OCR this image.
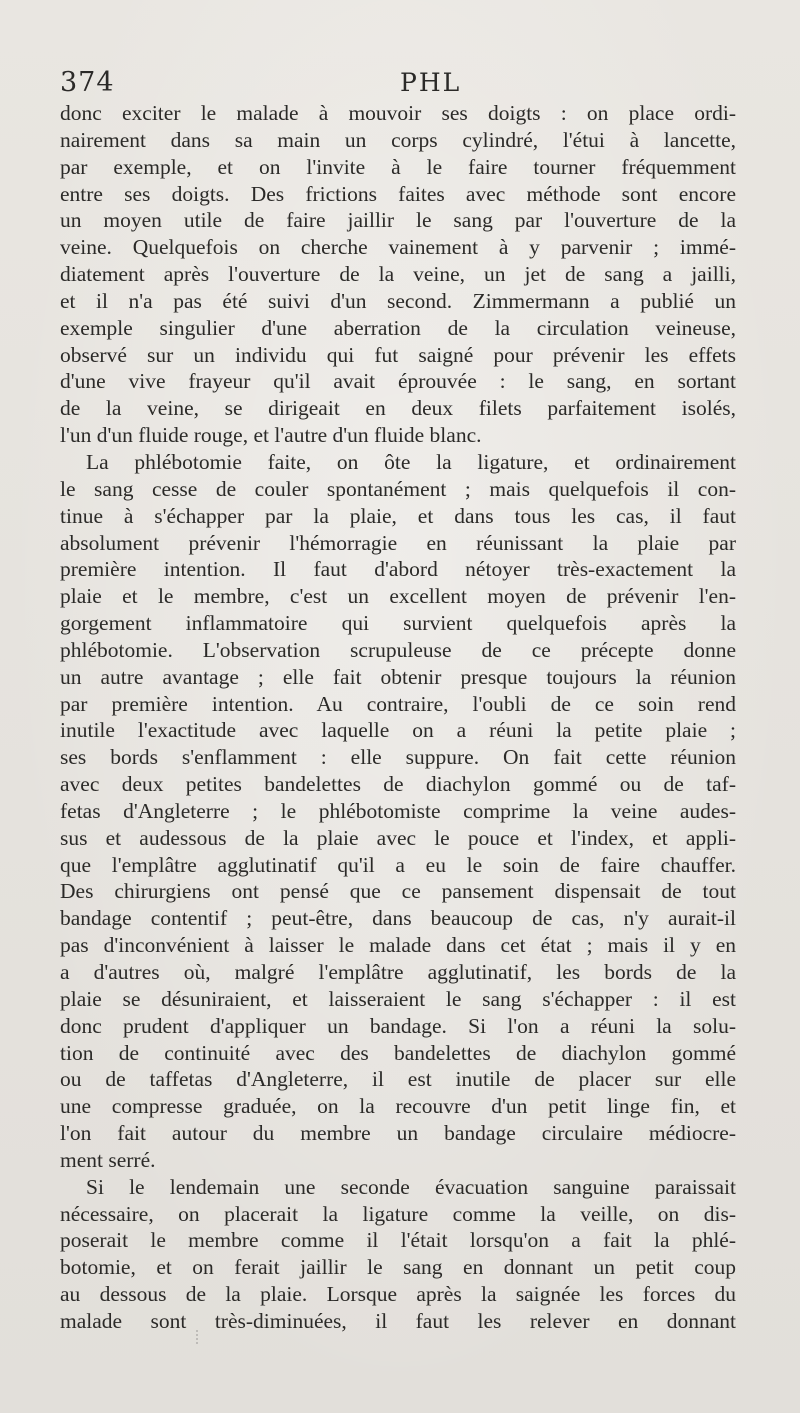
374	PHL
donc exciter le malade à mouvoir ses doigts : on place ordi-
nairement dans sa main un corps cylindré, l'étui à lancette,
par exemple, et on l'invite à le faire tourner fréquemment
entre ses doigts. Des frictions faites avec méthode sont encore
un moyen utile de faire jaillir le sang par l'ouverture de la
veine. Quelquefois on cherche vainement à y parvenir ; immé-
diatement après l'ouverture de la veine, un jet de sang a jailli,
et il n'a pas été suivi d'un second. Zimmermann a publié un
exemple singulier d'une aberration de la circulation veineuse,
observé sur un individu qui fut saigné pour prévenir les effets
d'une vive frayeur qu'il avait éprouvée : le sang, en sortant
de la veine, se dirigeait en deux filets parfaitement isolés,
l'un d'un fluide rouge, et l'autre d'un fluide blanc.
La phlébotomie faite, on ôte la ligature, et ordinairement
le sang cesse de couler spontanément ; mais quelquefois il con-
tinue à s'échapper par la plaie, et dans tous les cas, il faut
absolument prévenir l'hémorragie en réunissant la plaie par
première intention. Il faut d'abord nétoyer très-exactement la
plaie et le membre, c'est un excellent moyen de prévenir l'en-
gorgement inflammatoire qui survient quelquefois après la
phlébotomie. L'observation scrupuleuse de ce précepte donne
un autre avantage ; elle fait obtenir presque toujours la réunion
par première intention. Au contraire, l'oubli de ce soin rend
inutile l'exactitude avec laquelle on a réuni la petite plaie ;
ses bords s'enflamment : elle suppure. On fait cette réunion
avec deux petites bandelettes de diachylon gommé ou de taf-
fetas d'Angleterre ; le phlébotomiste comprime la veine audes-
sus et audessous de la plaie avec le pouce et l'index, et appli-
que l'emplâtre agglutinatif qu'il a eu le soin de faire chauffer.
Des chirurgiens ont pensé que ce pansement dispensait de tout
bandage contentif ; peut-être, dans beaucoup de cas, n'y aurait-il
pas d'inconvénient à laisser le malade dans cet état ; mais il y en
a d'autres où, malgré l'emplâtre agglutinatif, les bords de la
plaie se désuniraient, et laisseraient le sang s'échapper : il est
donc prudent d'appliquer un bandage. Si l'on a réuni la solu-
tion de continuité avec des bandelettes de diachylon gommé
ou de taffetas d'Angleterre, il est inutile de placer sur elle
une compresse graduée, on la recouvre d'un petit linge fin, et
l'on fait autour du membre un bandage circulaire médiocre-
ment serré.
Si le lendemain une seconde évacuation sanguine paraissait
nécessaire, on placerait la ligature comme la veille, on dis-
poserait le membre comme il l'était lorsqu'on a fait la phlé-
botomie, et on ferait jaillir le sang en donnant un petit coup
au dessous de la plaie. Lorsque après la saignée les forces du
malade sont très-diminuées, il faut les relever en donnant
